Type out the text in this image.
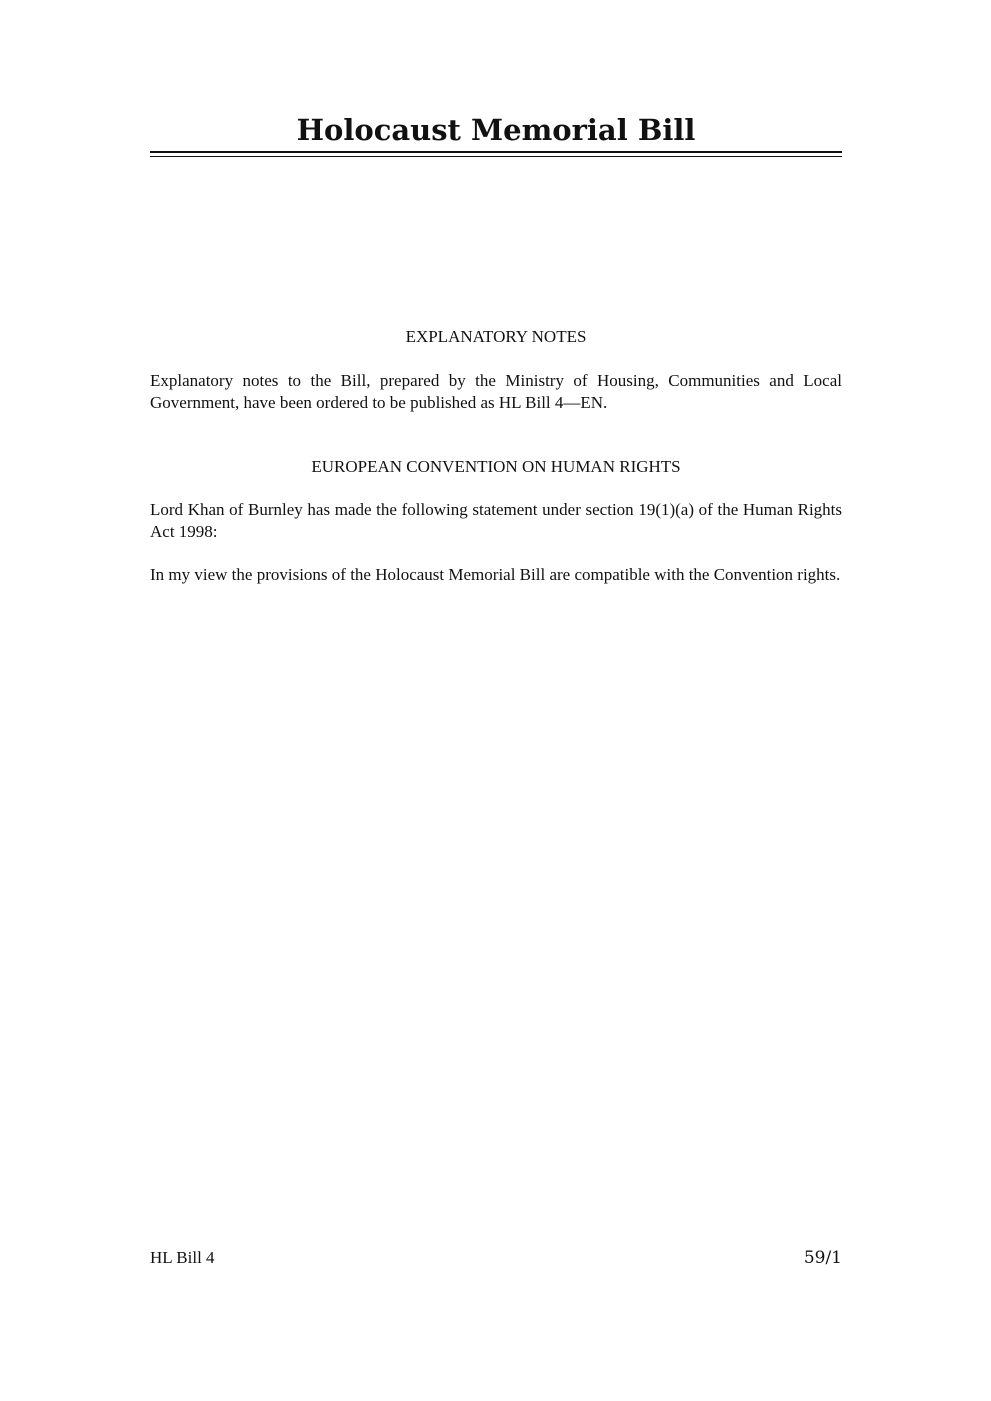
Holocaust Memorial Bill

EXPLANATORY NOTES

Explanatory notes to the Bill, prepared by the Ministry of Housing, Communities and Local Government, have been ordered to be published as HL Bill 4—EN.

EUROPEAN CONVENTION ON HUMAN RIGHTS

Lord Khan of Burnley has made the following statement under section 19(1)(a) of the Human Rights Act 1998:

In my view the provisions of the Holocaust Memorial Bill are compatible with the Convention rights.

HL Bill 4	59/1
